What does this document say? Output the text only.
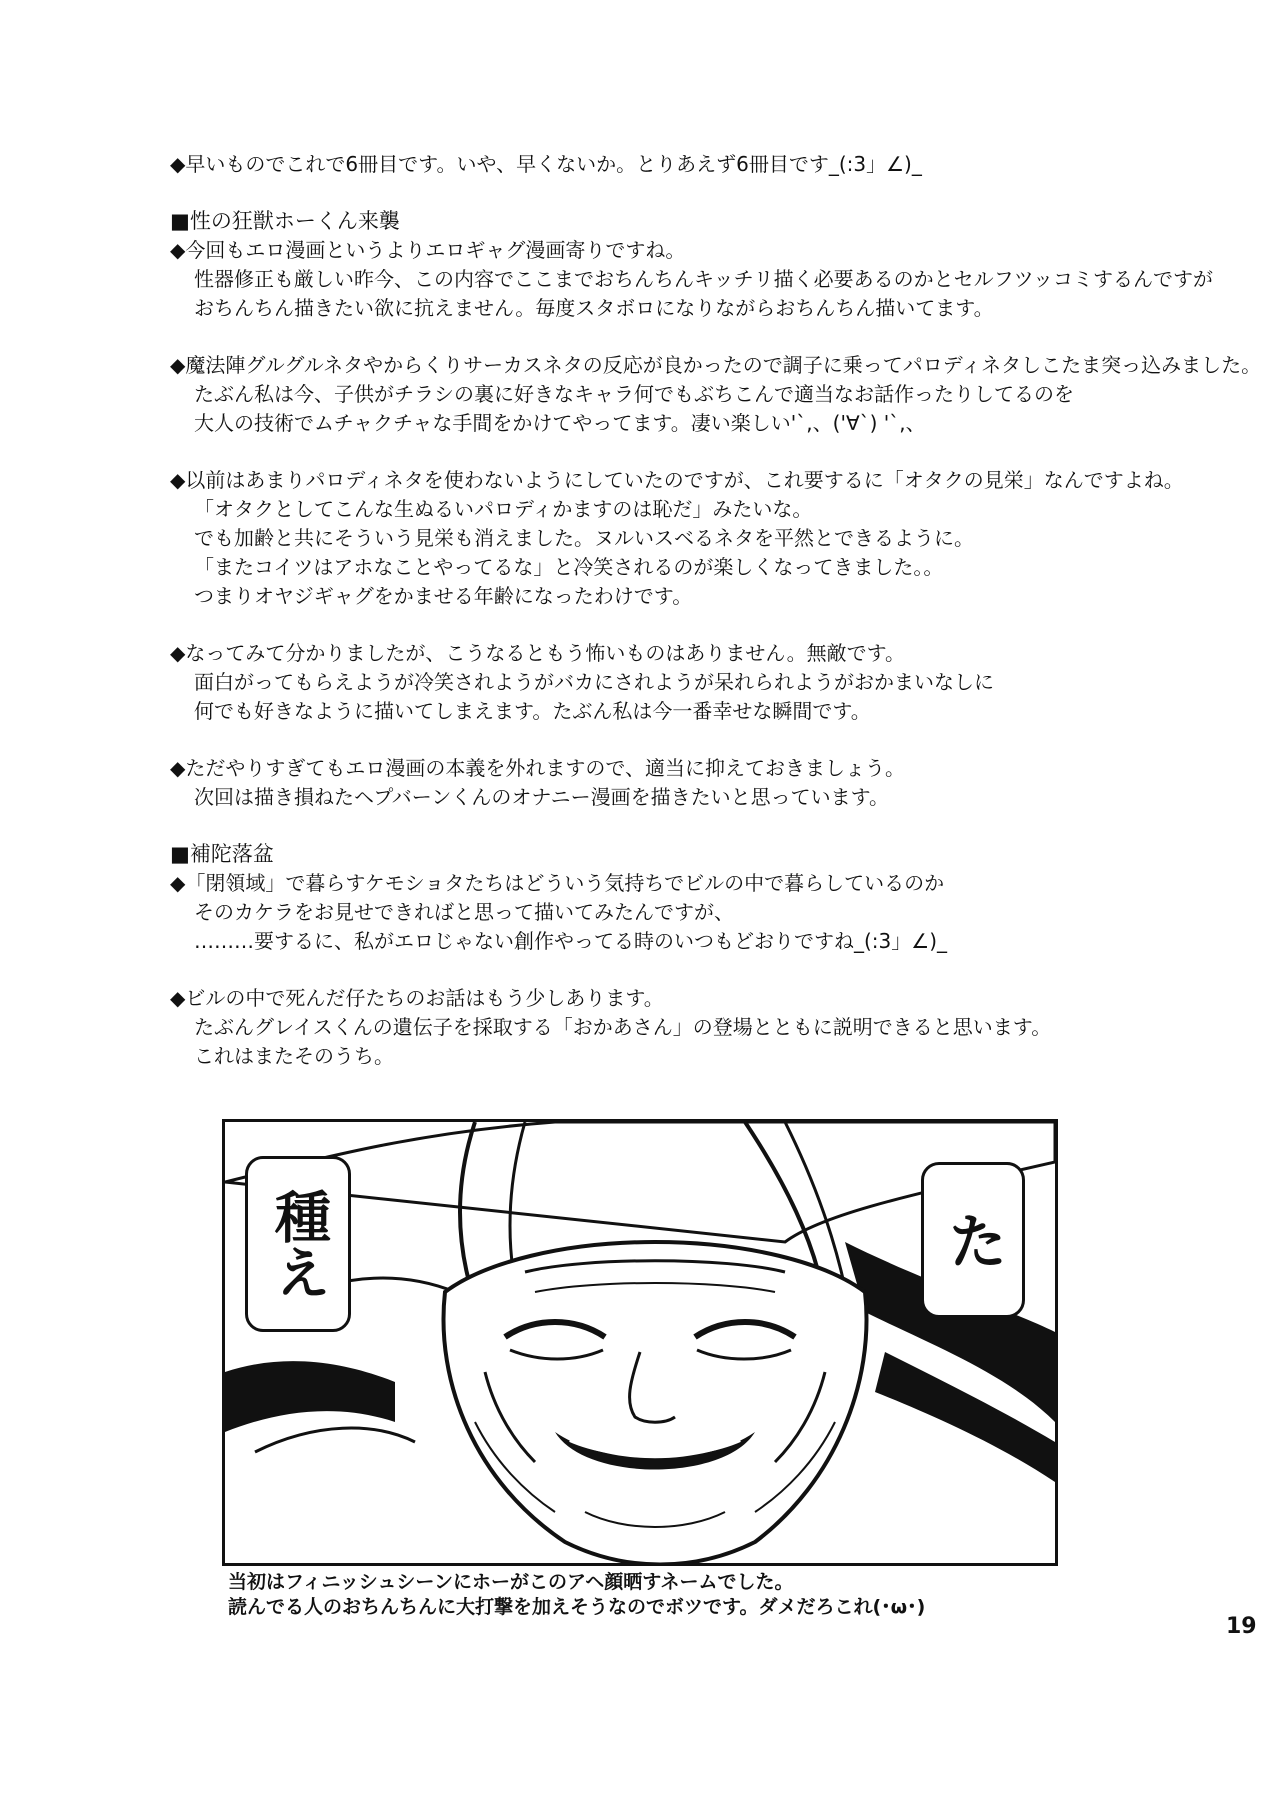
◆早いものでこれで6冊目です。いや、早くないか。とりあえず6冊目です_(:3」∠)_
■性の狂獣ホーくん来襲
◆今回もエロ漫画というよりエロギャグ漫画寄りですね。
性器修正も厳しい昨今、この内容でここまでおちんちんキッチリ描く必要あるのかとセルフツッコミするんですが
おちんちん描きたい欲に抗えません。毎度スタボロになりながらおちんちん描いてます。
◆魔法陣グルグルネタやからくりサーカスネタの反応が良かったので調子に乗ってパロディネタしこたま突っ込みました。
たぶん私は今、子供がチラシの裏に好きなキャラ何でもぶちこんで適当なお話作ったりしてるのを
大人の技術でムチャクチャな手間をかけてやってます。凄い楽しい'`,、('∀`) '`,、
◆以前はあまりパロディネタを使わないようにしていたのですが、これ要するに「オタクの見栄」なんですよね。
「オタクとしてこんな生ぬるいパロディかますのは恥だ」みたいな。
でも加齢と共にそういう見栄も消えました。ヌルいスベるネタを平然とできるように。
「またコイツはアホなことやってるな」と冷笑されるのが楽しくなってきました。。
つまりオヤジギャグをかませる年齢になったわけです。
◆なってみて分かりましたが、こうなるともう怖いものはありません。無敵です。
面白がってもらえようが冷笑されようがバカにされようが呆れられようがおかまいなしに
何でも好きなように描いてしまえます。たぶん私は今一番幸せな瞬間です。
◆ただやりすぎてもエロ漫画の本義を外れますので、適当に抑えておきましょう。
次回は描き損ねたヘプバーンくんのオナニー漫画を描きたいと思っています。
■補陀落盆
◆「閉領域」で暮らすケモショタたちはどういう気持ちでビルの中で暮らしているのか
そのカケラをお見せできればと思って描いてみたんですが、
………要するに、私がエロじゃない創作やってる時のいつもどおりですね_(:3」∠)_
◆ビルの中で死んだ仔たちのお話はもう少しあります。
たぶんグレイスくんの遺伝子を採取する「おかあさん」の登場とともに説明できると思います。
これはまたそのうち。
種え	た
当初はフィニッシュシーンにホーがこのアヘ顔晒すネームでした。
読んでる人のおちんちんに大打撃を加えそうなのでボツです。ダメだろこれ(･ω･)
19
